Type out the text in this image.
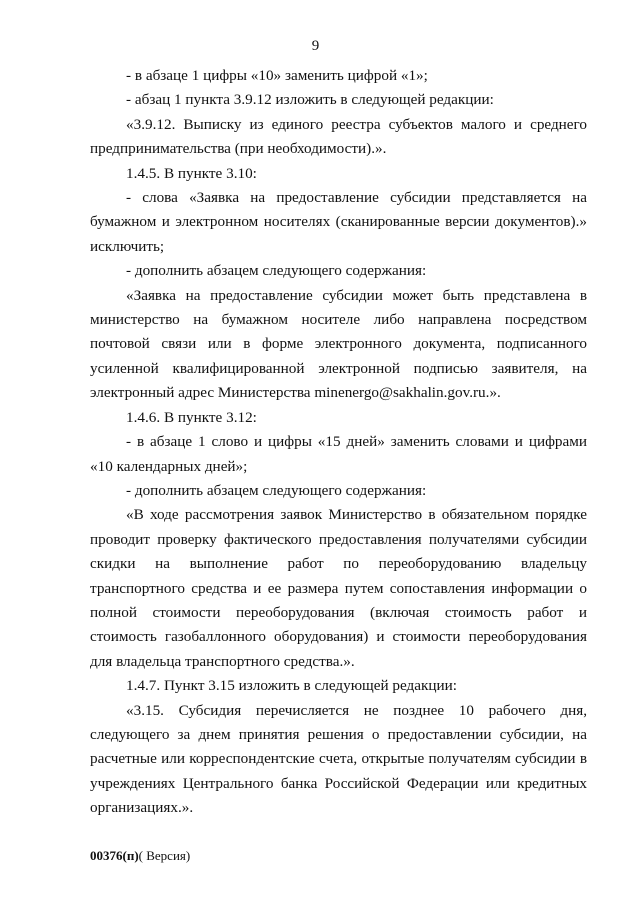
9

- в абзаце 1 цифры «10» заменить цифрой «1»;

- абзац 1 пункта 3.9.12 изложить в следующей редакции:

«3.9.12. Выписку из единого реестра субъектов малого и среднего предпринимательства (при необходимости).».

1.4.5. В пункте 3.10:

- слова «Заявка на предоставление субсидии представляется на бумажном и электронном носителях (сканированные версии документов).» исключить;

- дополнить абзацем следующего содержания:

«Заявка на предоставление субсидии может быть представлена в министерство на бумажном носителе либо направлена посредством почтовой связи или в форме электронного документа, подписанного усиленной квалифицированной электронной подписью заявителя, на электронный адрес Министерства minenergo@sakhalin.gov.ru.».

1.4.6. В пункте 3.12:

- в абзаце 1 слово и цифры «15 дней» заменить словами и цифрами «10 календарных дней»;

- дополнить абзацем следующего содержания:

«В ходе рассмотрения заявок Министерство в обязательном порядке проводит проверку фактического предоставления получателями субсидии скидки на выполнение работ по переоборудованию владельцу транспортного средства и ее размера путем сопоставления информации о полной стоимости переоборудования (включая стоимость работ и стоимость газобаллонного оборудования) и стоимости переоборудования для владельца транспортного средства.».

1.4.7. Пункт 3.15 изложить в следующей редакции:

«3.15. Субсидия перечисляется не позднее 10 рабочего дня, следующего за днем принятия решения о предоставлении субсидии, на расчетные или корреспондентские счета, открытые получателям субсидии в учреждениях Центрального банка Российской Федерации или кредитных организациях.».

00376(п)( Версия)
